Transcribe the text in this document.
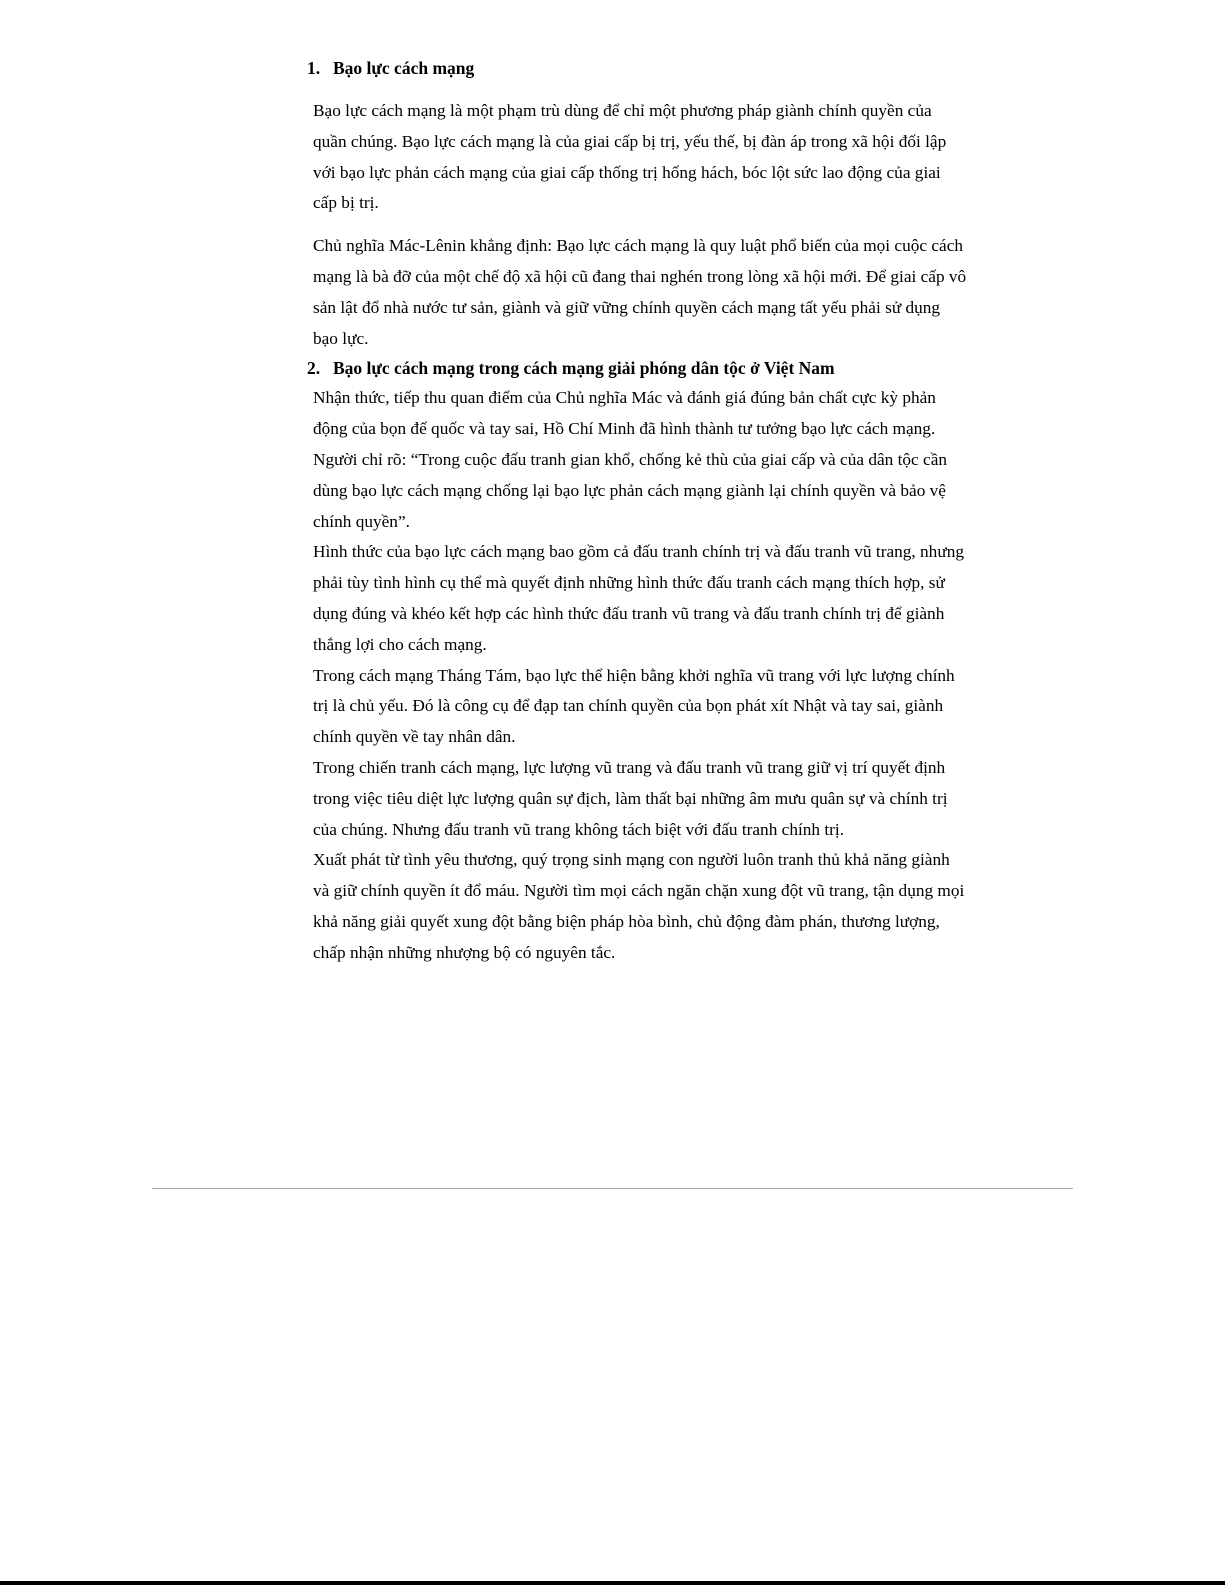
1. Bạo lực cách mạng

Bạo lực cách mạng là một phạm trù dùng để chỉ một phương pháp giành chính quyền của quần chúng. Bạo lực cách mạng là của giai cấp bị trị, yếu thế, bị đàn áp trong xã hội đối lập với bạo lực phản cách mạng của giai cấp thống trị hống hách, bóc lột sức lao động của giai cấp bị trị.

Chủ nghĩa Mác-Lênin khẳng định: Bạo lực cách mạng là quy luật phổ biến của mọi cuộc cách mạng là bà đỡ của một chế độ xã hội cũ đang thai nghén trong lòng xã hội mới. Để giai cấp vô sản lật đổ nhà nước tư sản, giành và giữ vững chính quyền cách mạng tất yếu phải sử dụng bạo lực.

2. Bạo lực cách mạng trong cách mạng giải phóng dân tộc ở Việt Nam

Nhận thức, tiếp thu quan điểm của Chủ nghĩa Mác và đánh giá đúng bản chất cực kỳ phản động của bọn đế quốc và tay sai, Hồ Chí Minh đã hình thành tư tưởng bạo lực cách mạng. Người chỉ rõ: “Trong cuộc đấu tranh gian khổ, chống kẻ thù của giai cấp và của dân tộc cần dùng bạo lực cách mạng chống lại bạo lực phản cách mạng giành lại chính quyền và bảo vệ chính quyền”.

Hình thức của bạo lực cách mạng bao gồm cả đấu tranh chính trị và đấu tranh vũ trang, nhưng phải tùy tình hình cụ thể mà quyết định những hình thức đấu tranh cách mạng thích hợp, sử dụng đúng và khéo kết hợp các hình thức đấu tranh vũ trang và đấu tranh chính trị để giành thắng lợi cho cách mạng.

Trong cách mạng Tháng Tám, bạo lực thể hiện bằng khởi nghĩa vũ trang với lực lượng chính trị là chủ yếu. Đó là công cụ để đạp tan chính quyền của bọn phát xít Nhật và tay sai, giành chính quyền về tay nhân dân.

Trong chiến tranh cách mạng, lực lượng vũ trang và đấu tranh vũ trang giữ vị trí quyết định trong việc tiêu diệt lực lượng quân sự địch, làm thất bại những âm mưu quân sự và chính trị của chúng. Nhưng đấu tranh vũ trang không tách biệt với đấu tranh chính trị.

Xuất phát từ tình yêu thương, quý trọng sinh mạng con người luôn tranh thủ khả năng giành và giữ chính quyền ít đổ máu. Người tìm mọi cách ngăn chặn xung đột vũ trang, tận dụng mọi khả năng giải quyết xung đột bằng biện pháp hòa bình, chủ động đàm phán, thương lượng, chấp nhận những nhượng bộ có nguyên tắc.
